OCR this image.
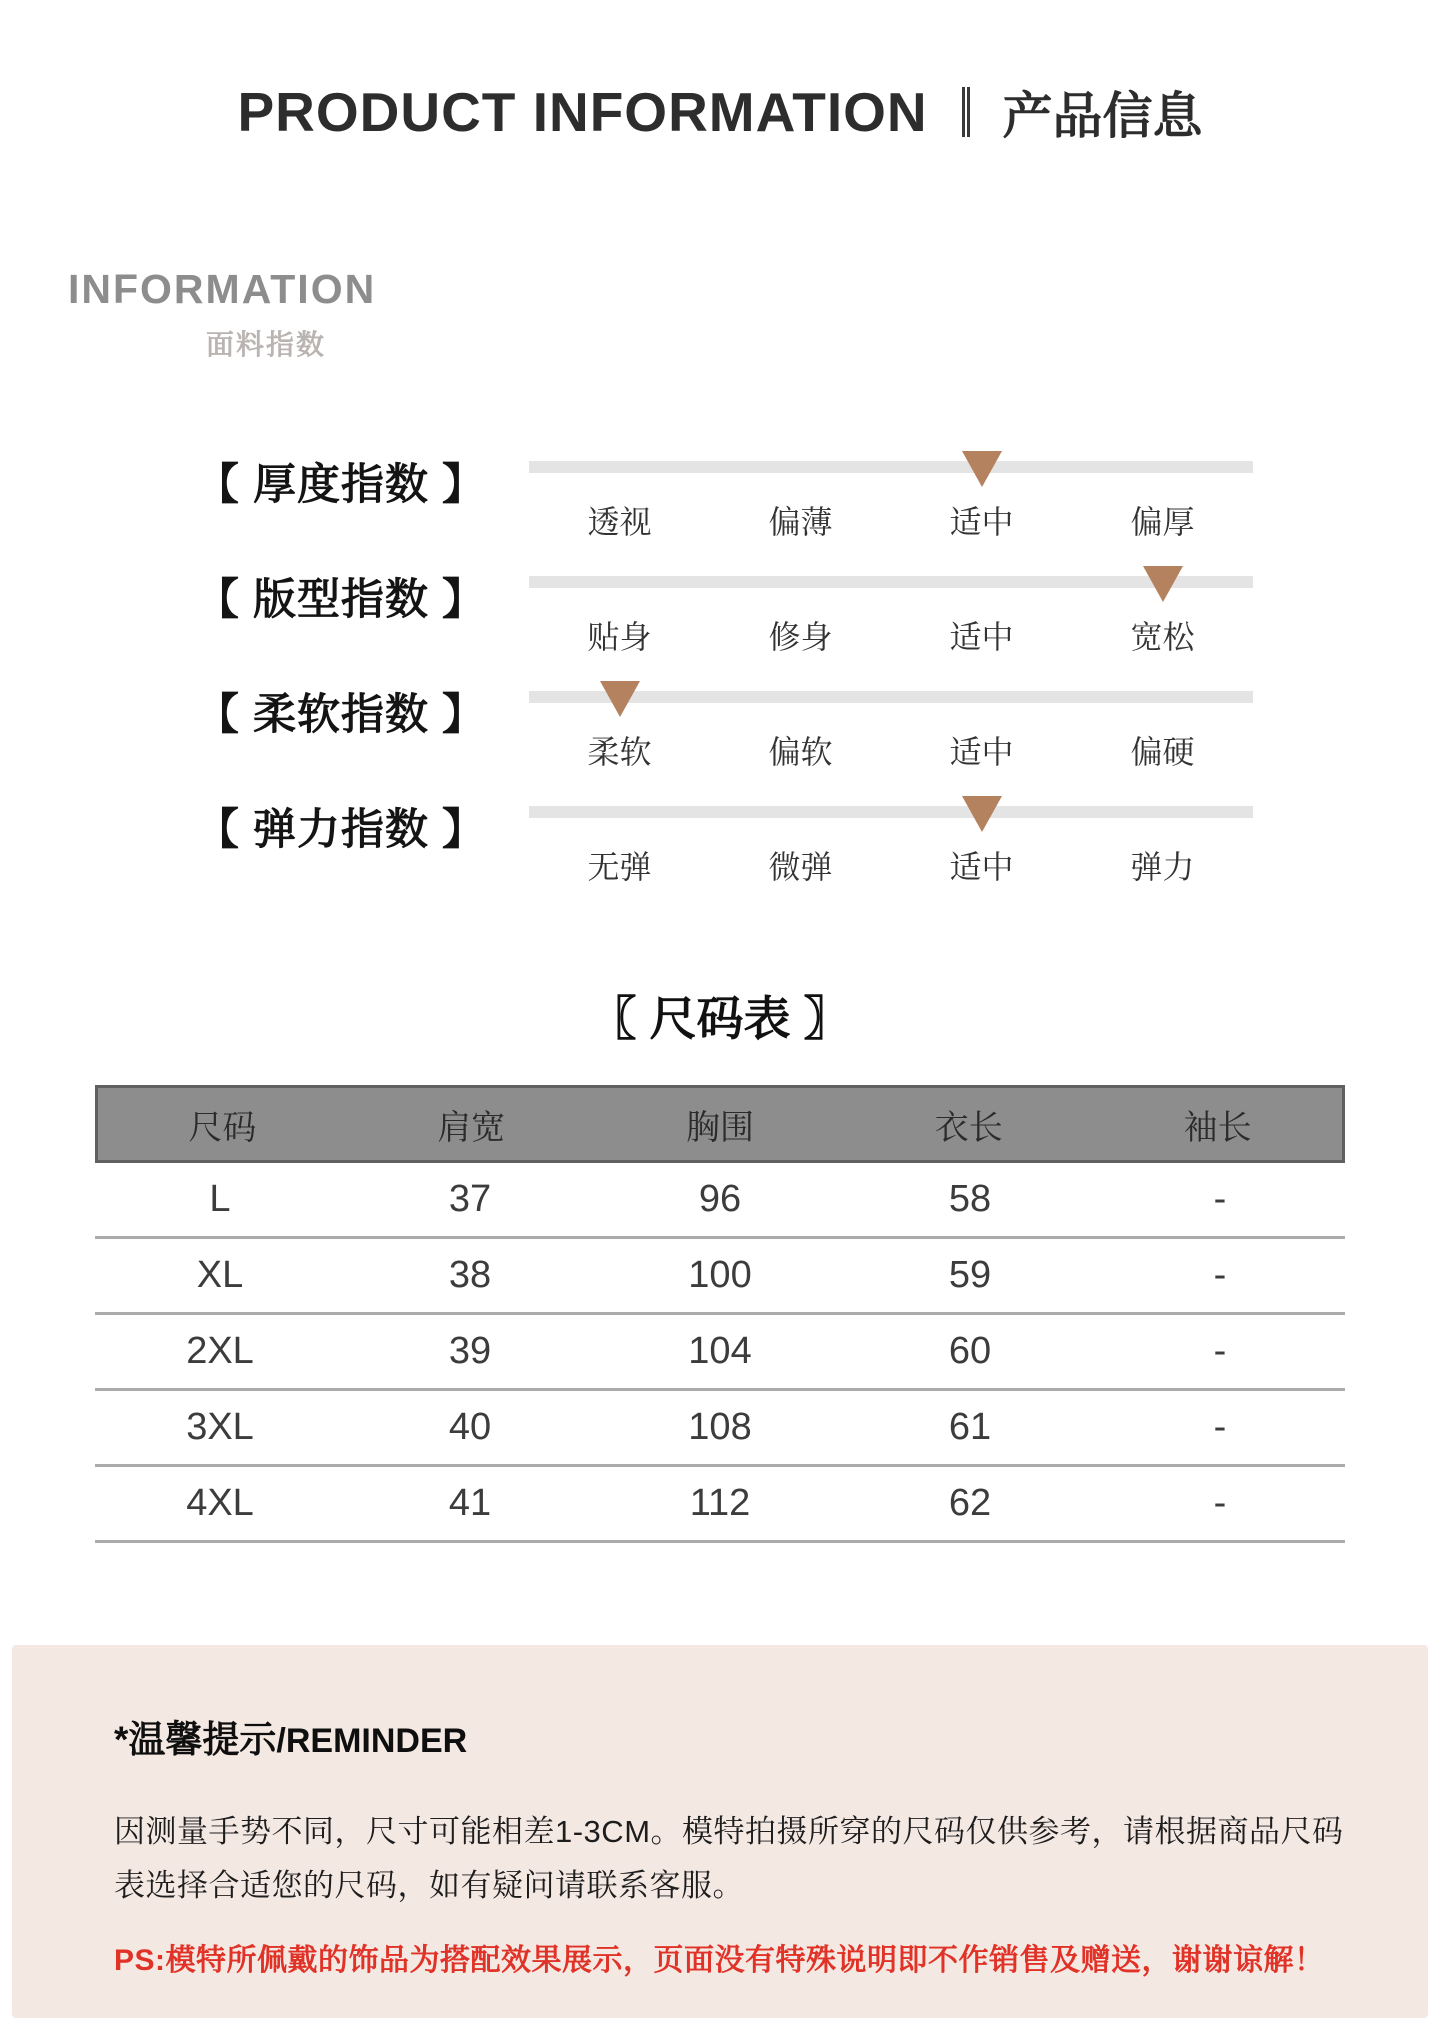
PRODUCT INFORMATION 产品信息
INFORMATION
面料指数
【 厚度指数 】
透视	偏薄	适中	偏厚
【 版型指数 】
贴身	修身	适中	宽松
【 柔软指数 】
柔软	偏软	适中	偏硬
【 弹力指数 】
无弹	微弹	适中	弹力
〖 尺码表 〗
尺码	肩宽	胸围	衣长	袖长
L	37	96	58	-
XL	38	100	59	-
2XL	39	104	60	-
3XL	40	108	61	-
4XL	41	112	62	-
*温馨提示/REMINDER

因测量手势不同，尺寸可能相差1-3CM。模特拍摄所穿的尺码仅供参考，请根据商品尺码表选择合适您的尺码，如有疑问请联系客服。

PS:模特所佩戴的饰品为搭配效果展示，页面没有特殊说明即不作销售及赠送，谢谢谅解！
